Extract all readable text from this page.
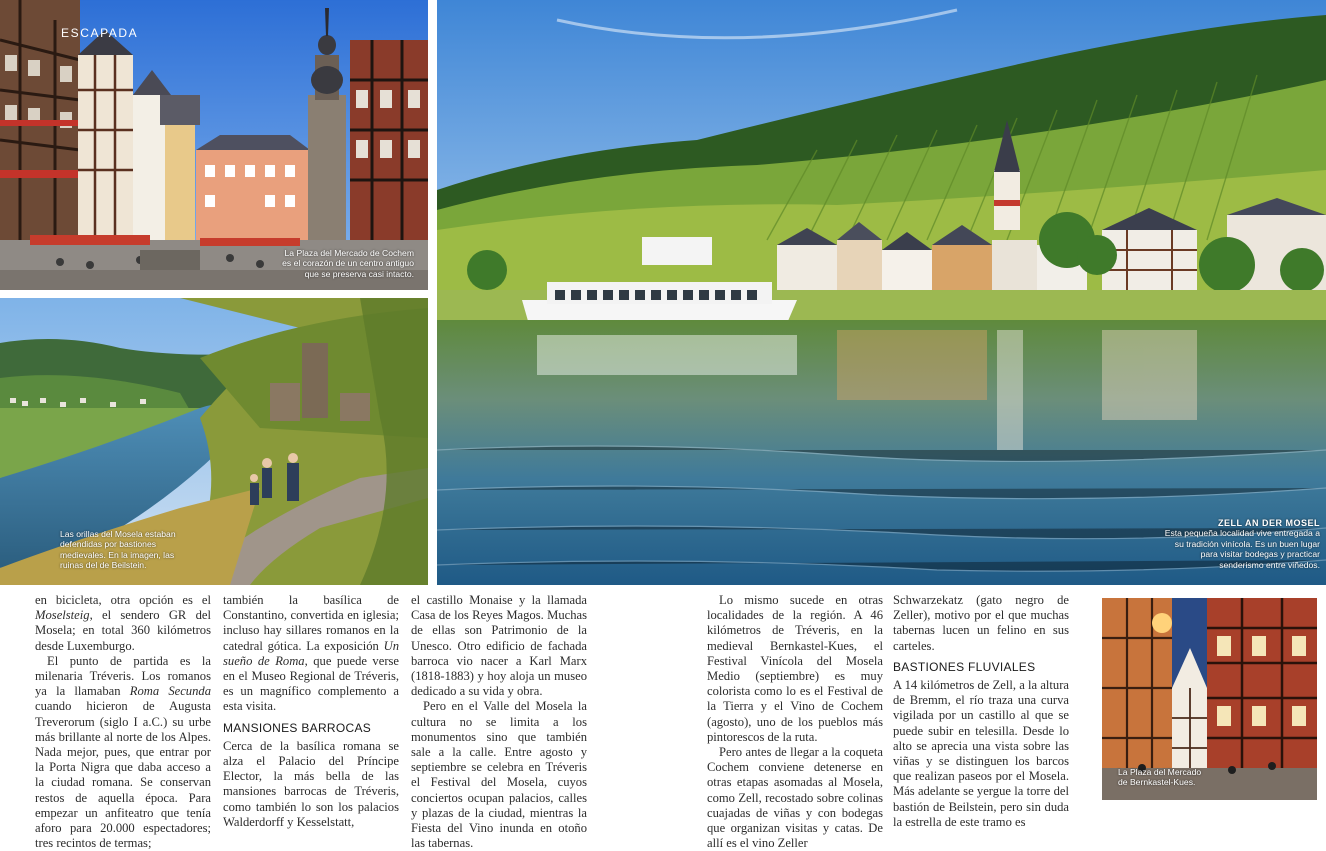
ESCAPADA
La Plaza del Mercado de Cochem es el corazón de un centro antiguo que se preserva casi intacto.
Las orillas del Mosela estaban defendidas por bastiones medievales. En la imagen, las ruinas del de Beilstein.
ZELL AN DER MOSEL
Esta pequeña localidad vive entregada a su tradición vinícola. Es un buen lugar para visitar bodegas y practicar senderismo entre viñedos.
La Plaza del Mercado de Bernkastel-Kues.

en bicicleta, otra opción es el Moselsteig, el sendero GR del Mosela; en total 360 kilómetros desde Luxemburgo.

El punto de partida es la milenaria Tréveris. Los romanos ya la llamaban Roma Secunda cuando hicieron de Augusta Treverorum (siglo I a.C.) su urbe más brillante al norte de los Alpes. Nada mejor, pues, que entrar por la Porta Nigra que daba acceso a la ciudad romana. Se conservan restos de aquella época. Para empezar un anfiteatro que tenía aforo para 20.000 espectadores; tres recintos de termas;

también la basílica de Constantino, convertida en iglesia; incluso hay sillares romanos en la catedral gótica. La exposición Un sueño de Roma, que puede verse en el Museo Regional de Tréveris, es un magnífico complemento a esta visita.

MANSIONES BARROCAS

Cerca de la basílica romana se alza el Palacio del Príncipe Elector, la más bella de las mansiones barrocas de Tréveris, como también lo son los palacios Walderdorff y Kesselstatt,

el castillo Monaise y la llamada Casa de los Reyes Magos. Muchas de ellas son Patrimonio de la Unesco. Otro edificio de fachada barroca vio nacer a Karl Marx (1818-1883) y hoy aloja un museo dedicado a su vida y obra.

Pero en el Valle del Mosela la cultura no se limita a los monumentos sino que también sale a la calle. Entre agosto y septiembre se celebra en Tréveris el Festival del Mosela, cuyos conciertos ocupan palacios, calles y plazas de la ciudad, mientras la Fiesta del Vino inunda en otoño las tabernas.

Lo mismo sucede en otras localidades de la región. A 46 kilómetros de Tréveris, en la medieval Bernkastel-Kues, el Festival Vinícola del Mosela Medio (septiembre) es muy colorista como lo es el Festival de la Tierra y el Vino de Cochem (agosto), uno de los pueblos más pintorescos de la ruta.

Pero antes de llegar a la coqueta Cochem conviene detenerse en otras etapas asomadas al Mosela, como Zell, recostado sobre colinas cuajadas de viñas y con bodegas que organizan visitas y catas. De allí es el vino Zeller

Schwarzekatz (gato negro de Zeller), motivo por el que muchas tabernas lucen un felino en sus carteles.

BASTIONES FLUVIALES

A 14 kilómetros de Zell, a la altura de Bremm, el río traza una curva vigilada por un castillo al que se puede subir en telesilla. Desde lo alto se aprecia una vista sobre las viñas y se distinguen los barcos que realizan paseos por el Mosela. Más adelante se yergue la torre del bastión de Beilstein, pero sin duda la estrella de este tramo es
